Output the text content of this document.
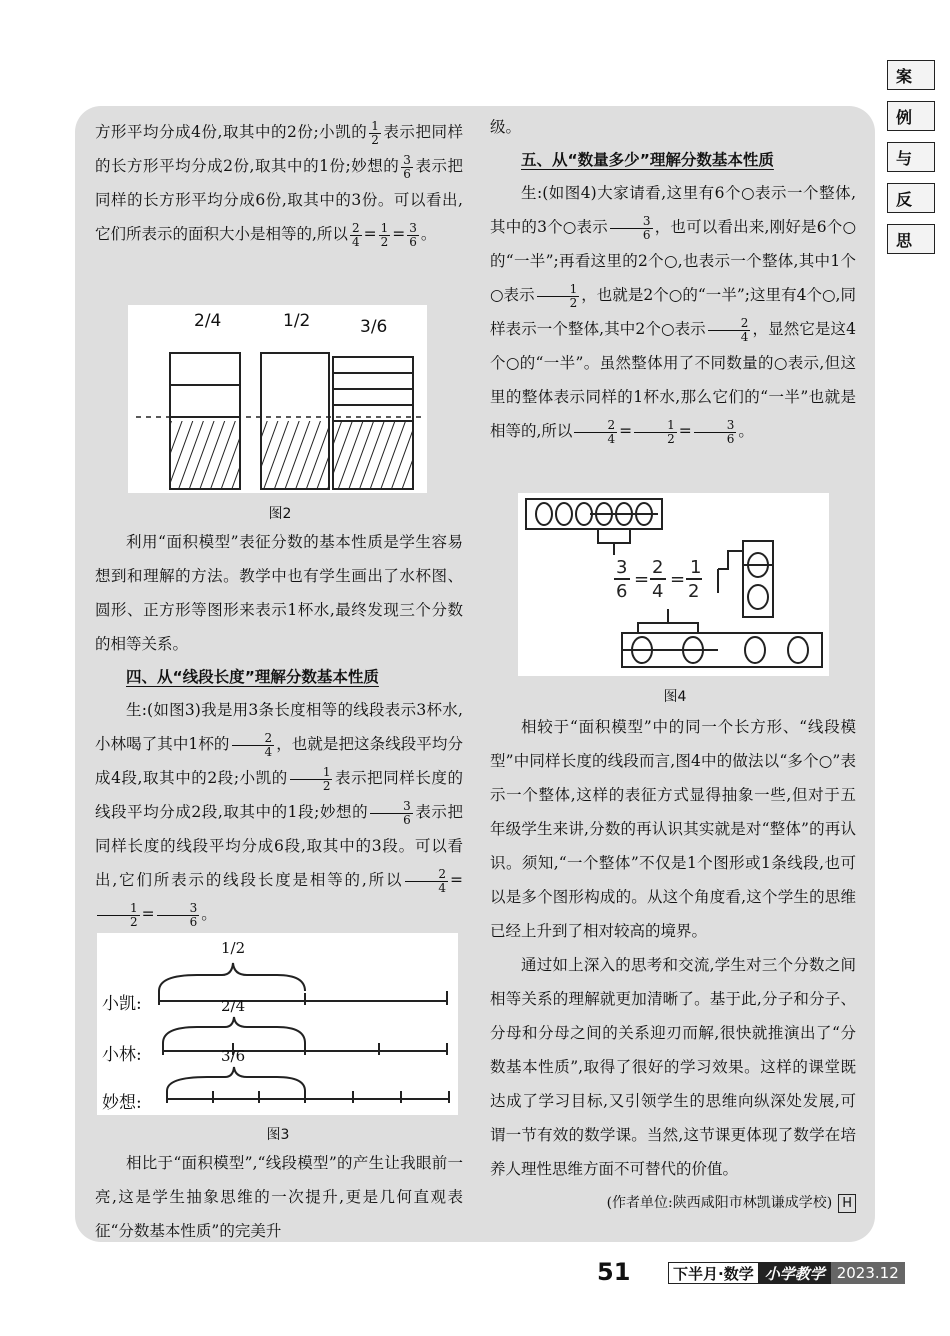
案
例
与
反
思

方形平均分成4份,取其中的2份;小凯的 $\frac{1}{2}$ 表示把同样的长方形平均分成2份,取其中的1份;妙想的 $\frac{3}{6}$ 表示把同样的长方形平均分成6份,取其中的3份。可以看出,它们所表示的面积大小是相等的,所以 $\frac{2}{4} = \frac{1}{2} = \frac{3}{6}$ 。

2/4	1/2	3/6
图2

利用“面积模型”表征分数的基本性质是学生容易想到和理解的方法。教学中也有学生画出了水杯图、圆形、正方形等图形来表示1杯水,最终发现三个分数的相等关系。

四、从“线段长度”理解分数基本性质

生:(如图3)我是用3条长度相等的线段表示3杯水,小林喝了其中1杯的 $\frac{2}{4}$ ，也就是把这条线段平均分成4段,取其中的2段;小凯的 $\frac{1}{2}$ 表示把同样长度的线段平均分成2段,取其中的1段;妙想的 $\frac{3}{6}$ 表示把同样长度的线段平均分成6段,取其中的3段。可以看出,它们所表示的线段长度是相等的,所以 $\frac{2}{4}$ =
$\frac{1}{2} = \frac{3}{6}$ 。

小凯:
小林:
妙想:
1/2
2/4
3/6
图3

相比于“面积模型”,“线段模型”的产生让我眼前一亮,这是学生抽象思维的一次提升,更是几何直观表征“分数基本性质”的完美升

级。

五、从“数量多少”理解分数基本性质

生:(如图4)大家请看,这里有6个○表示一个整体,其中的3个○表示 $\frac{3}{6}$ ，也可以看出来,刚好是6个○的“一半”;再看这里的2个○,也表示一个整体,其中1个○表示 $\frac{1}{2}$ ，也就是2个○的“一半”;这里有4个○,同样表示一个整体,其中2个○表示 $\frac{2}{4}$ ，显然它是这4个○的“一半”。虽然整体用了不同数量的○表示,但这里的整体表示同样的1杯水,那么它们的“一半”也就是相等的,所以 $\frac{2}{4} = \frac{1}{2} = \frac{3}{6}$ 。

3
6
=
2
4
=
1
2
图4

相较于“面积模型”中的同一个长方形、“线段模型”中同样长度的线段而言,图4中的做法以“多个○”表示一个整体,这样的表征方式显得抽象一些,但对于五年级学生来讲,分数的再认识其实就是对“整体”的再认识。须知,“一个整体”不仅是1个图形或1条线段,也可以是多个图形构成的。从这个角度看,这个学生的思维已经上升到了相对较高的境界。

通过如上深入的思考和交流,学生对三个分数之间相等关系的理解就更加清晰了。基于此,分子和分子、分母和分母之间的关系迎刃而解,很快就推演出了“分数基本性质”,取得了很好的学习效果。这样的课堂既达成了学习目标,又引领学生的思维向纵深处发展,可谓一节有效的数学课。当然,这节课更体现了数学在培养人理性思维方面不可替代的价值。

(作者单位:陕西咸阳市林凯谦成学校) H

51	下半月·数学 小学教学 2023.12
